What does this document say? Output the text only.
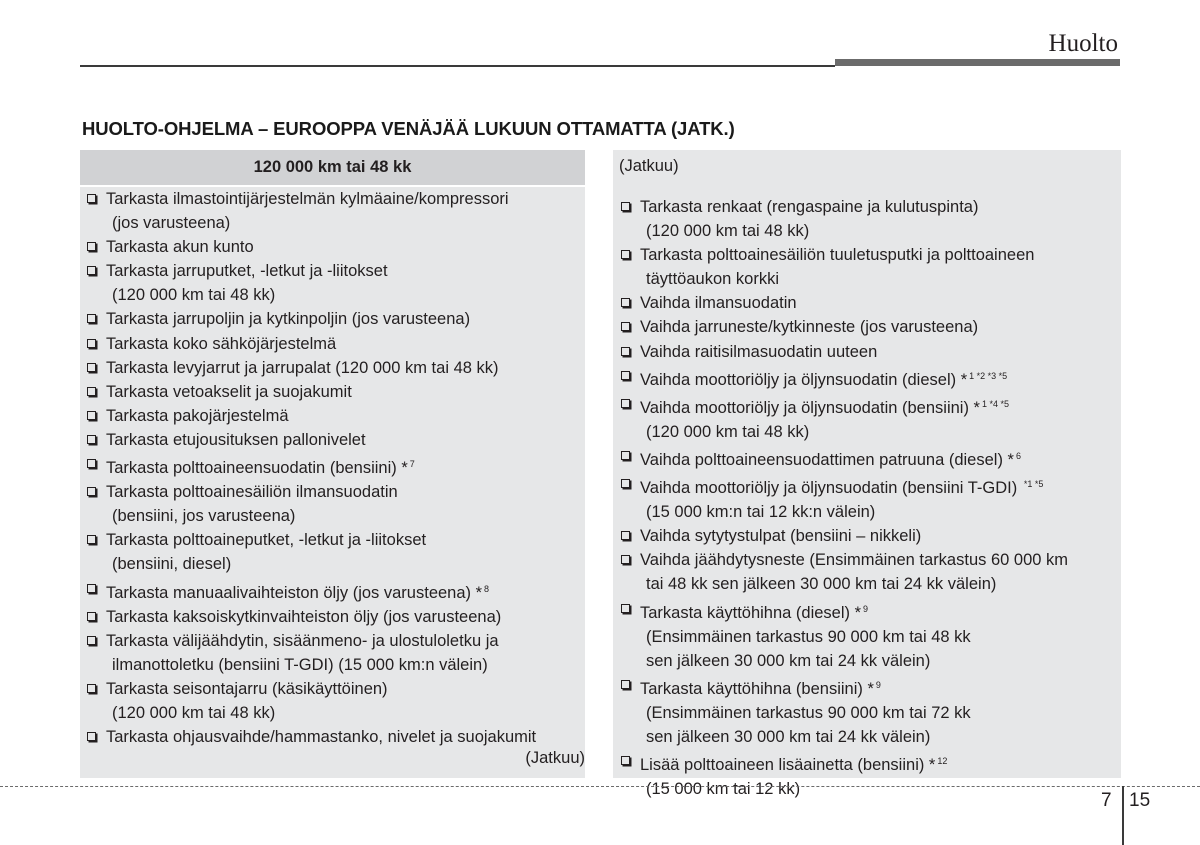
Huolto
HUOLTO-OHJELMA – EUROOPPA VENÄJÄÄ LUKUUN OTTAMATTA (JATK.)
120 000 km tai 48 kk
Tarkasta ilmastointijärjestelmän kylmäaine/kompressori
(jos varusteena)
Tarkasta akun kunto
Tarkasta jarruputket, -letkut ja -liitokset
(120 000 km tai 48 kk)
Tarkasta jarrupoljin ja kytkinpoljin (jos varusteena)
Tarkasta koko sähköjärjestelmä
Tarkasta levyjarrut ja jarrupalat (120 000 km tai 48 kk)
Tarkasta vetoakselit ja suojakumit
Tarkasta pakojärjestelmä
Tarkasta etujousituksen pallonivelet
Tarkasta polttoaineensuodatin (bensiini) * $^7$
Tarkasta polttoainesäiliön ilmansuodatin
(bensiini, jos varusteena)
Tarkasta polttoaineputket, -letkut ja -liitokset
(bensiini, diesel)
Tarkasta manuaalivaihteiston öljy (jos varusteena) * $^8$
Tarkasta kaksoiskytkinvaihteiston öljy (jos varusteena)
Tarkasta välijäähdytin, sisäänmeno- ja ulostuloletku ja
ilmanottoletku (bensiini T-GDI) (15 000 km:n välein)
Tarkasta seisontajarru (käsikäyttöinen)
(120 000 km tai 48 kk)
Tarkasta ohjausvaihde/hammastanko, nivelet ja suojakumit
(Jatkuu)
(Jatkuu)
Tarkasta renkaat (rengaspaine ja kulutuspinta)
(120 000 km tai 48 kk)
Tarkasta polttoainesäiliön tuuletusputki ja polttoaineen
täyttöaukon korkki
Vaihda ilmansuodatin
Vaihda jarruneste/kytkinneste (jos varusteena)
Vaihda raitisilmasuodatin uuteen
Vaihda moottoriöljy ja öljynsuodatin (diesel) * $^{1 *2 *3 *5}$
Vaihda moottoriöljy ja öljynsuodatin (bensiini) * $^{1 *4 *5}$
(120 000 km tai 48 kk)
Vaihda polttoaineensuodattimen patruuna (diesel) * $^6$
Vaihda moottoriöljy ja öljynsuodatin (bensiini T-GDI) $^{*1 *5}$
(15 000 km:n tai 12 kk:n välein)
Vaihda sytytystulpat (bensiini – nikkeli)
Vaihda jäähdytysneste (Ensimmäinen tarkastus 60 000 km
tai 48 kk sen jälkeen 30 000 km tai 24 kk välein)
Tarkasta käyttöhihna (diesel) * $^9$
(Ensimmäinen tarkastus 90 000 km tai 48 kk
sen jälkeen 30 000 km tai 24 kk välein)
Tarkasta käyttöhihna (bensiini) * $^9$
(Ensimmäinen tarkastus 90 000 km tai 72 kk
sen jälkeen 30 000 km tai 24 kk välein)
Lisää polttoaineen lisäainetta (bensiini) * $^{12}$
(15 000 km tai 12 kk)
7 15
